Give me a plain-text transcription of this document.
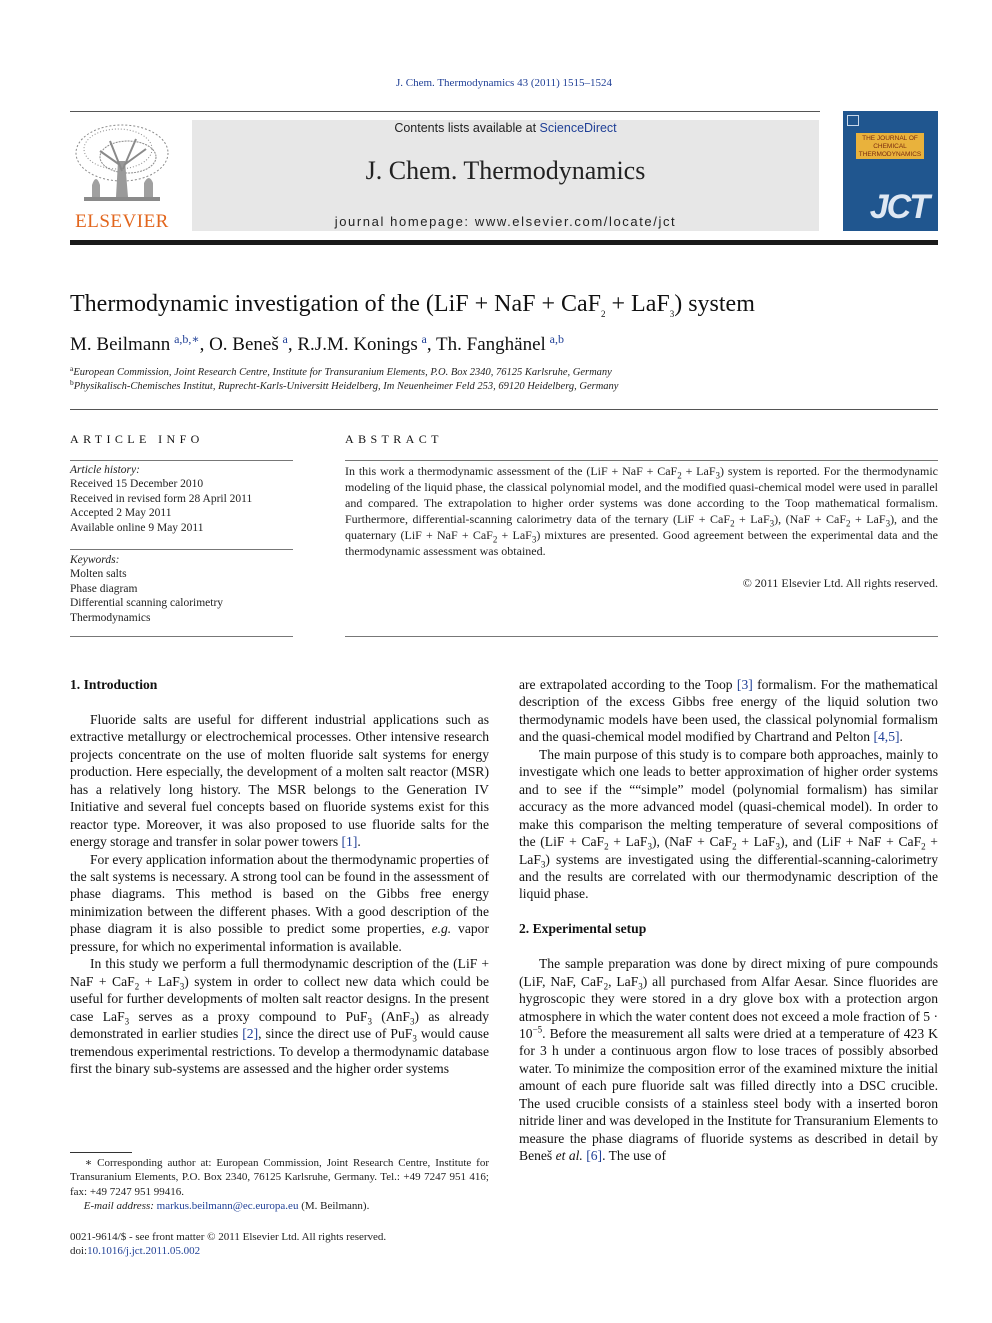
J. Chem. Thermodynamics 43 (2011) 1515–1524
ELSEVIER
Contents lists available at ScienceDirect
J. Chem. Thermodynamics
journal homepage: www.elsevier.com/locate/jct
THE JOURNAL OF CHEMICAL THERMODYNAMICS
JCT
Thermodynamic investigation of the (LiF + NaF + CaF$_2$ + LaF$_3$) system
M. Beilmann  $^{a,b,∗}$, O. Beneš  $^a$, R.J.M. Konings  $^a$, Th. Fanghänel  $^{a,b}$
$^a$European Commission, Joint Research Centre, Institute for Transuranium Elements, P.O. Box 2340, 76125 Karlsruhe, Germany
$^b$Physikalisch-Chemisches Institut, Ruprecht-Karls-Universitt Heidelberg, Im Neuenheimer Feld 253, 69120 Heidelberg, Germany
ARTICLE INFO	ABSTRACT
Article history:
Received 15 December 2010
Received in revised form 28 April 2011
Accepted 2 May 2011
Available online 9 May 2011
Keywords:
Molten salts
Phase diagram
Differential scanning calorimetry
Thermodynamics
In this work a thermodynamic assessment of the (LiF + NaF + CaF$_2$ + LaF$_3$) system is reported. For the thermodynamic modeling of the liquid phase, the classical polynomial model, and the modified quasi-chemical model were used in parallel and compared. The extrapolation to higher order systems was done according to the Toop mathematical formalism. Furthermore, differential-scanning calorimetry data of the ternary (LiF + CaF$_2$ + LaF$_3$), (NaF + CaF$_2$ + LaF$_3$), and the quaternary (LiF + NaF + CaF$_2$ + LaF$_3$) mixtures are presented. Good agreement between the experimental data and the thermodynamic assessment was obtained.
© 2011 Elsevier Ltd. All rights reserved.
1. Introduction

Fluoride salts are useful for different industrial applications such as extractive metallurgy or electrochemical processes. Other intensive research projects concentrate on the use of molten fluoride salt systems for energy production. Here especially, the development of a molten salt reactor (MSR) has a relatively long history. The MSR belongs to the Generation IV Initiative and several fuel concepts based on fluoride systems exist for this reactor type. Moreover, it was also proposed to use fluoride salts for the energy storage and transfer in solar power towers [1].

For every application information about the thermodynamic properties of the salt systems is necessary. A strong tool can be found in the assessment of phase diagrams. This method is based on the Gibbs free energy minimization between the different phases. With a good description of the phase diagram it is also possible to predict some properties, e.g. vapor pressure, for which no experimental information is available.

In this study we perform a full thermodynamic description of the (LiF + NaF + CaF$_2$ + LaF$_3$) system in order to collect new data which could be useful for further developments of molten salt reactor designs. In the present case LaF$_3$ serves as a proxy compound to PuF$_3$ (AnF$_3$) as already demonstrated in earlier studies [2], since the direct use of PuF$_3$ would cause tremendous experimental restrictions. To develop a thermodynamic database first the binary sub-systems are assessed and the higher order systems

are extrapolated according to the Toop [3] formalism. For the mathematical description of the excess Gibbs free energy of the liquid solution two thermodynamic models have been used, the classical polynomial formalism and the quasi-chemical model modified by Chartrand and Pelton [4,5].

The main purpose of this study is to compare both approaches, mainly to investigate which one leads to better approximation of higher order systems and to see if the ““simple” model (polynomial formalism) has similar accuracy as the more advanced model (quasi-chemical model). In order to make this comparison the melting temperature of several compositions of the (LiF + CaF$_2$ + LaF$_3$), (NaF + CaF$_2$ + LaF$_3$), and (LiF + NaF + CaF$_2$ + LaF$_3$) systems are investigated using the differential-scanning-calorimetry and the results are correlated with our thermodynamic description of the liquid phase.

2. Experimental setup

The sample preparation was done by direct mixing of pure compounds (LiF, NaF, CaF$_2$, LaF$_3$) all purchased from Alfar Aesar. Since fluorides are hygroscopic they were stored in a dry glove box with a protection argon atmosphere in which the water content does not exceed a mole fraction of $5 \cdot 10^{-5}$. Before the measurement all salts were dried at a temperature of 423 K for 3 h under a continuous argon flow to lose traces of possibly absorbed water. To minimize the composition error of the examined mixture the initial amount of each pure fluoride salt was filled directly into a DSC crucible. The used crucible consists of a stainless steel body with a inserted boron nitride liner and was developed in the Institute for Transuranium Elements to measure the phase diagrams of fluoride systems as described in detail by Beneš et al. [6]. The use of

∗ Corresponding author at: European Commission, Joint Research Centre, Institute for Transuranium Elements, P.O. Box 2340, 76125 Karlsruhe, Germany. Tel.: +49 7247 951 416; fax: +49 7247 951 99416.
E-mail address: markus.beilmann@ec.europa.eu (M. Beilmann).
0021-9614/$ - see front matter © 2011 Elsevier Ltd. All rights reserved.
doi:10.1016/j.jct.2011.05.002
